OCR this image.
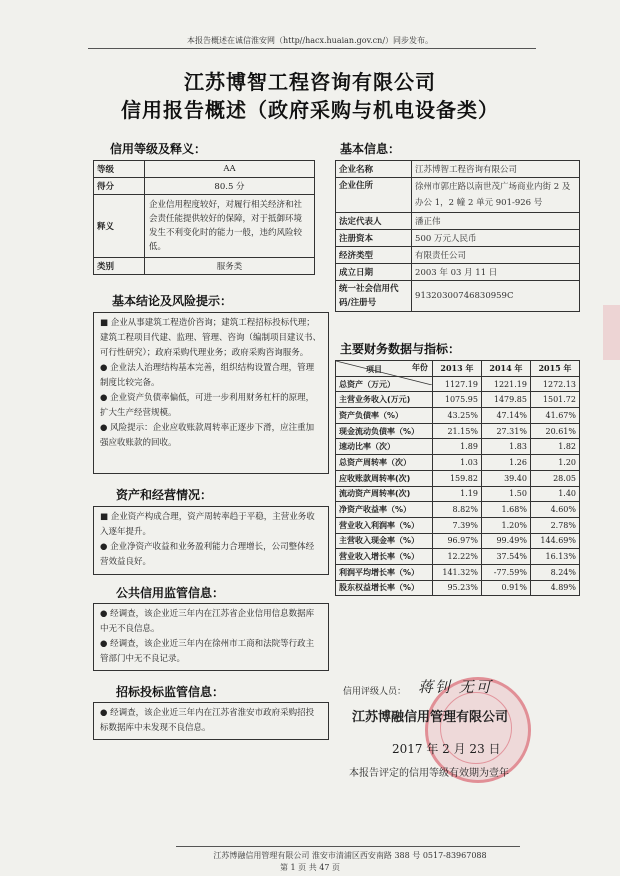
本报告概述在诚信淮安网（http//hacx.huaian.gov.cn/）同步发布。
江苏博智工程咨询有限公司
信用报告概述（政府采购与机电设备类）
信用等级及释义：
等级	AA
得分	80.5 分
释义	企业信用程度较好，对履行相关经济和社会责任能提供较好的保障，对于抵御环境发生不利变化时的能力一般，违约风险较低。
类别	服务类
基本信息：
企业名称	江苏博智工程咨询有限公司
企业住所	徐州市郭庄路以南世茂广场商业内街 2 及办公 1，2 幢 2 单元 901-926 号
法定代表人	潘正伟
注册资本	500 万元人民币
经济类型	有限责任公司
成立日期	2003 年 03 月 11 日
统一社会信用代码/注册号	91320300746830959C
基本结论及风险提示：

■ 企业从事建筑工程造价咨询；建筑工程招标投标代理；建筑工程项目代建、监理、管理、咨询（编制项目建议书、可行性研究）；政府采购代理业务；政府采购咨询服务。

● 企业法人治理结构基本完善，组织结构设置合理，管理制度比较完备。

● 企业资产负债率偏低，可进一步利用财务杠杆的原理，扩大生产经营规模。

● 风险提示：企业应收账款周转率正逐步下滑，应注重加强应收账款的回收。

资产和经营情况：

■ 企业资产构成合理，资产周转率趋于平稳，主营业务收入逐年提升。

● 企业净资产收益和业务盈利能力合理增长，公司整体经营效益良好。

公共信用监管信息：

● 经调查，该企业近三年内在江苏省企业信用信息数据库中无不良信息。

● 经调查，该企业近三年内在徐州市工商和法院等行政主管部门中无不良记录。

招标投标监管信息：

● 经调查，该企业近三年内在江苏省淮安市政府采购招投标数据库中未发现不良信息。

主要财务数据与指标：
年份
项目	2013 年	2014 年	2015 年
总资产（万元）	1127.19	1221.19	1272.13
主营业务收入(万元)	1075.95	1479.85	1501.72
资产负债率（%）	43.25%	47.14%	41.67%
现金流动负债率（%）	21.15%	27.31%	20.61%
速动比率（次）	1.89	1.83	1.82
总资产周转率（次）	1.03	1.26	1.20
应收账款周转率(次)	159.82	39.40	28.05
流动资产周转率(次)	1.19	1.50	1.40
净资产收益率（%）	8.82%	1.68%	4.60%
营业收入利润率（%）	7.39%	1.20%	2.78%
主营收入现金率（%）	96.97%	99.49%	144.69%
营业收入增长率（%）	12.22%	37.54%	16.13%
利润平均增长率（%）	141.32%	-77.59%	8.24%
股东权益增长率（%）	95.23%	0.91%	4.89%
信用评级人员： 蒋钊 无可
江苏博融信用管理有限公司
2017 年 2 月 23 日
本报告评定的信用等级有效期为壹年
江苏博融信用管理有限公司 淮安市清浦区西安南路 388 号 0517-83967088
第 1 页 共 47 页
